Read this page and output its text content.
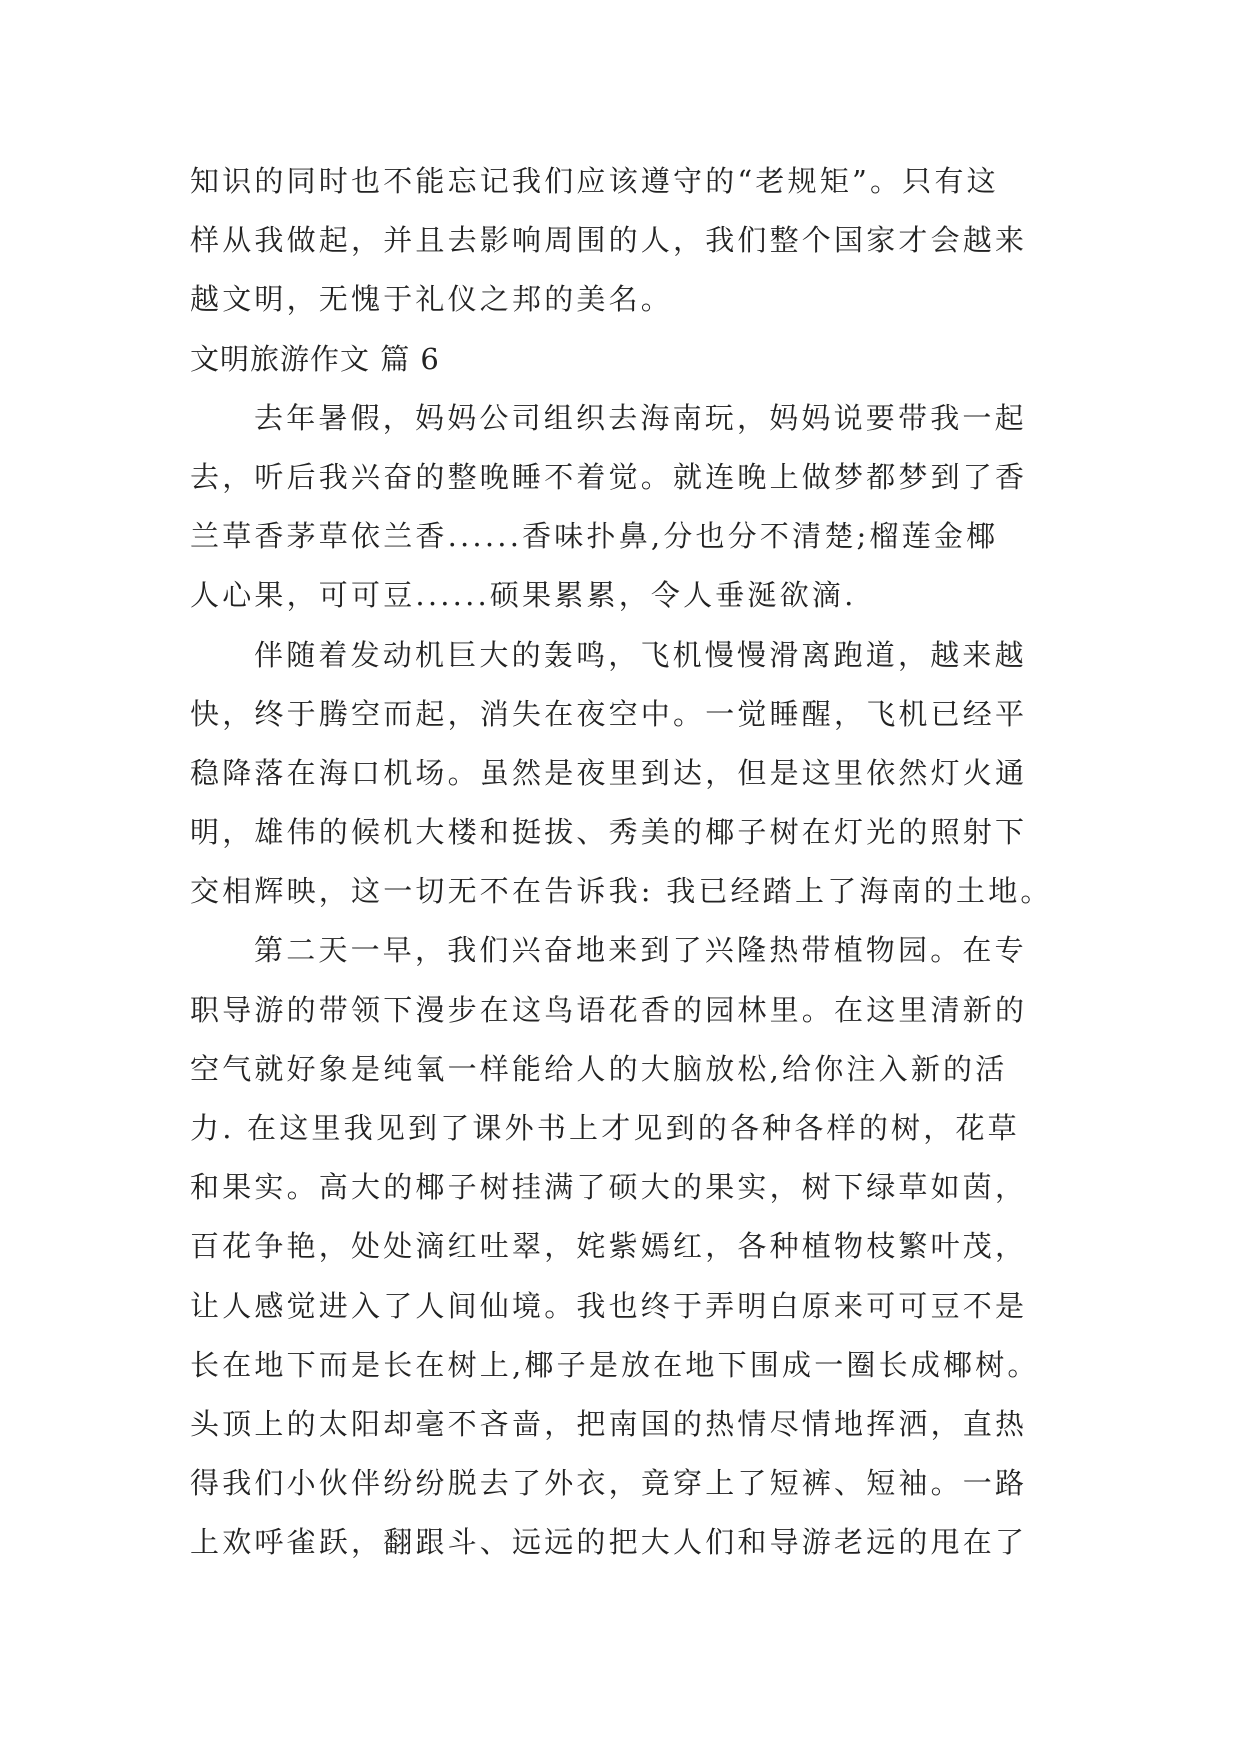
知识的同时也不能忘记我们应该遵守的“老规矩”。只有这
样从我做起，并且去影响周围的人，我们整个国家才会越来
越文明，无愧于礼仪之邦的美名。
文明旅游作文 篇 6
去年暑假，妈妈公司组织去海南玩，妈妈说要带我一起
去，听后我兴奋的整晚睡不着觉。就连晚上做梦都梦到了香
兰草香茅草依兰香......香味扑鼻,分也分不清楚;榴莲金椰
人心果，可可豆......硕果累累，令人垂涎欲滴.
伴随着发动机巨大的轰鸣，飞机慢慢滑离跑道，越来越
快，终于腾空而起，消失在夜空中。一觉睡醒，飞机已经平
稳降落在海口机场。虽然是夜里到达，但是这里依然灯火通
明，雄伟的候机大楼和挺拔、秀美的椰子树在灯光的照射下
交相辉映，这一切无不在告诉我: 我已经踏上了海南的土地。
第二天一早，我们兴奋地来到了兴隆热带植物园。在专
职导游的带领下漫步在这鸟语花香的园林里。在这里清新的
空气就好象是纯氧一样能给人的大脑放松,给你注入新的活
力. 在这里我见到了课外书上才见到的各种各样的树，花草
和果实。高大的椰子树挂满了硕大的果实，树下绿草如茵，
百花争艳，处处滴红吐翠，姹紫嫣红，各种植物枝繁叶茂，
让人感觉进入了人间仙境。我也终于弄明白原来可可豆不是
长在地下而是长在树上,椰子是放在地下围成一圈长成椰树。
头顶上的太阳却毫不吝啬，把南国的热情尽情地挥洒，直热
得我们小伙伴纷纷脱去了外衣，竟穿上了短裤、短袖。一路
上欢呼雀跃，翻跟斗、远远的把大人们和导游老远的甩在了
